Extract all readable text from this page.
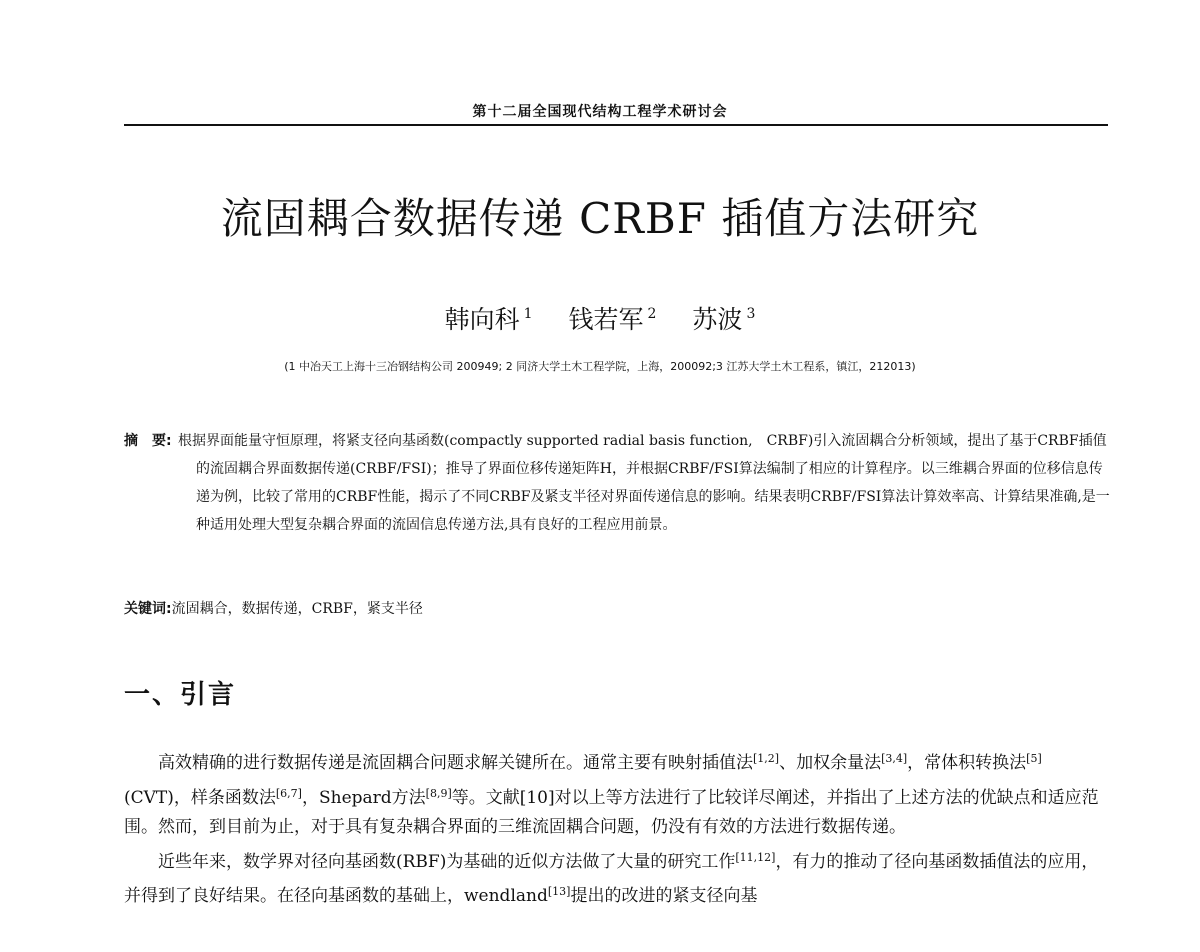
第十二届全国现代结构工程学术研讨会
流固耦合数据传递 CRBF 插值方法研究
韩向科 $^1$ 钱若军 $^2$ 苏波 $^3$
(1 中冶天工上海十三冶钢结构公司 200949; 2 同济大学土木工程学院，上海，200092;3 江苏大学土木工程系，镇江，212013)
摘　要: 根据界面能量守恒原理，将紧支径向基函数(compactly supported radial basis function,　CRBF)引入流固耦合分析领域，提出了基于CRBF插值的流固耦合界面数据传递(CRBF/FSI)；推导了界面位移传递矩阵H，并根据CRBF/FSI算法编制了相应的计算程序。以三维耦合界面的位移信息传递为例，比较了常用的CRBF性能，揭示了不同CRBF及紧支半径对界面传递信息的影响。结果表明CRBF/FSI算法计算效率高、计算结果准确,是一种适用处理大型复杂耦合界面的流固信息传递方法,具有良好的工程应用前景。
关键词:流固耦合，数据传递，CRBF，紧支半径
一、引言

高效精确的进行数据传递是流固耦合问题求解关键所在。通常主要有映射插值法[1,2]、加权余量法[3,4]，常体积转换法[5] (CVT)，样条函数法[6,7]，Shepard方法[8,9]等。文献[10]对以上等方法进行了比较详尽阐述，并指出了上述方法的优缺点和适应范围。然而，到目前为止，对于具有复杂耦合界面的三维流固耦合问题，仍没有有效的方法进行数据传递。

近些年来，数学界对径向基函数(RBF)为基础的近似方法做了大量的研究工作[11,12]，有力的推动了径向基函数插值法的应用，并得到了良好结果。在径向基函数的基础上，wendland[13]提出的改进的紧支径向基
